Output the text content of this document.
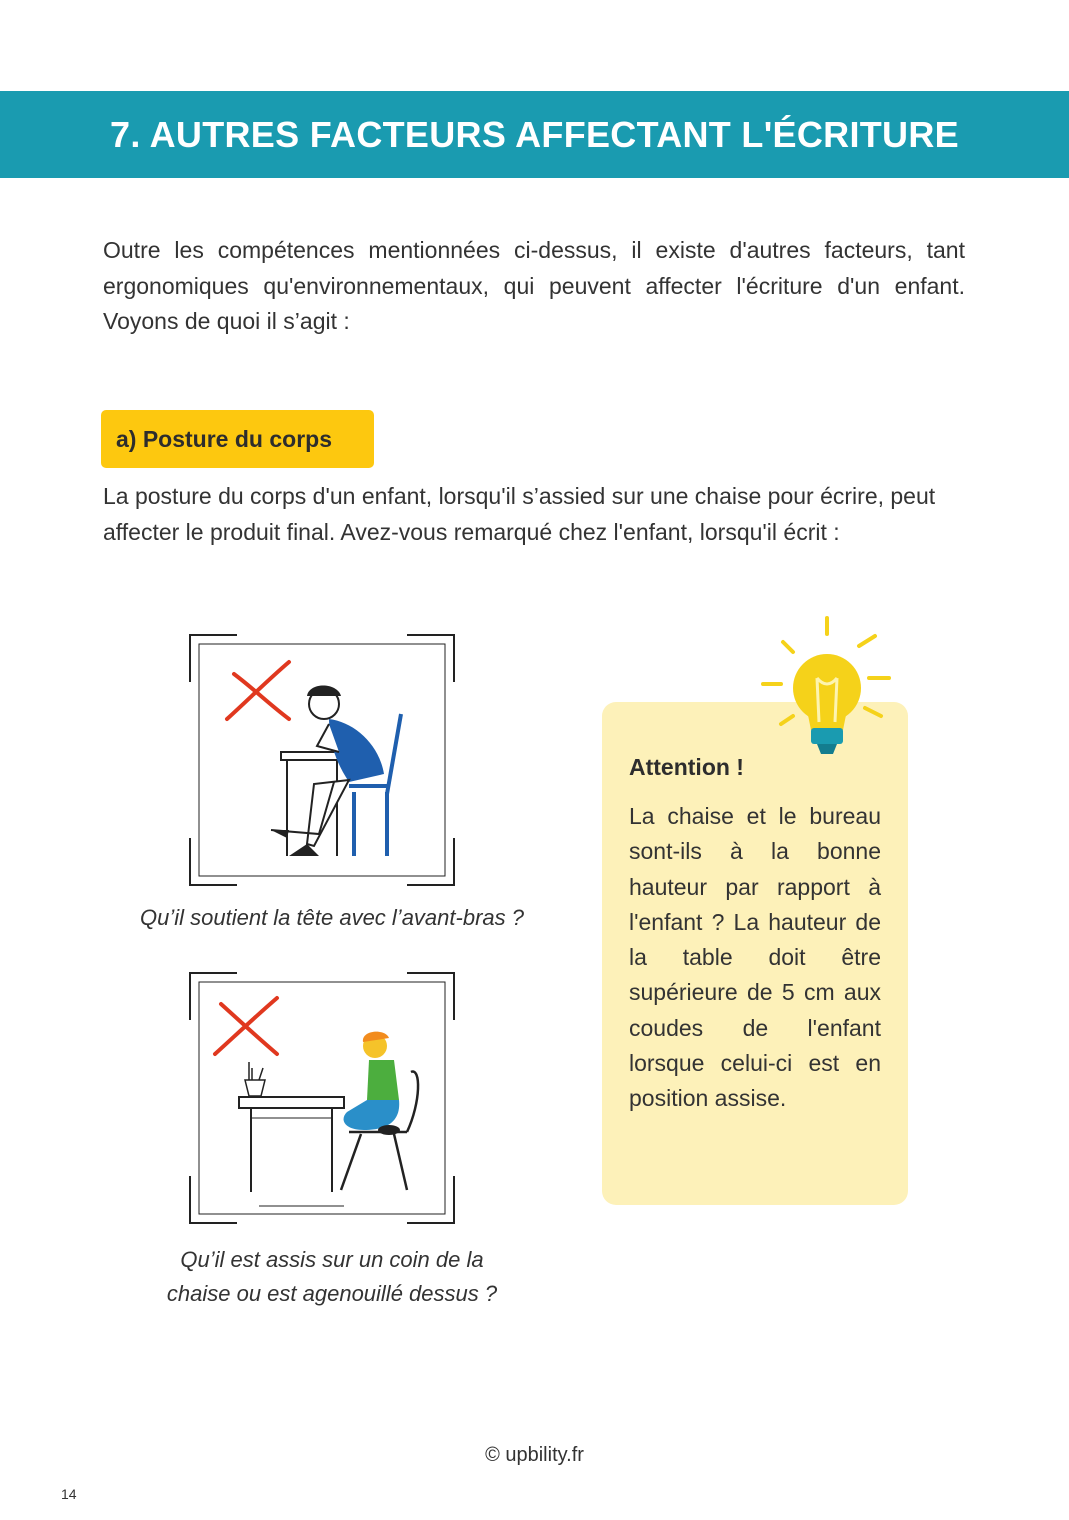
7. AUTRES FACTEURS AFFECTANT L'ÉCRITURE

Outre les compétences mentionnées ci-dessus, il existe d'autres facteurs, tant ergonomiques qu'environnementaux, qui peuvent affecter l'écriture d'un enfant. Voyons de quoi il s’agit :

a) Posture du corps

La posture du corps d'un enfant, lorsqu'il s’assied sur une chaise pour écrire, peut affecter le produit final. Avez-vous remarqué chez l'enfant, lorsqu'il écrit :

Qu’il soutient la tête avec l’avant-bras ?
Qu’il est assis sur un coin de la
chaise ou est agenouillé dessus ?
Attention !

La chaise et le bureau sont-ils à la bonne hauteur par rapport à l'enfant ? La hauteur de la table doit être supérieure de 5 cm aux coudes de l'enfant lorsque celui-ci est en position assise.

© upbility.fr
14
